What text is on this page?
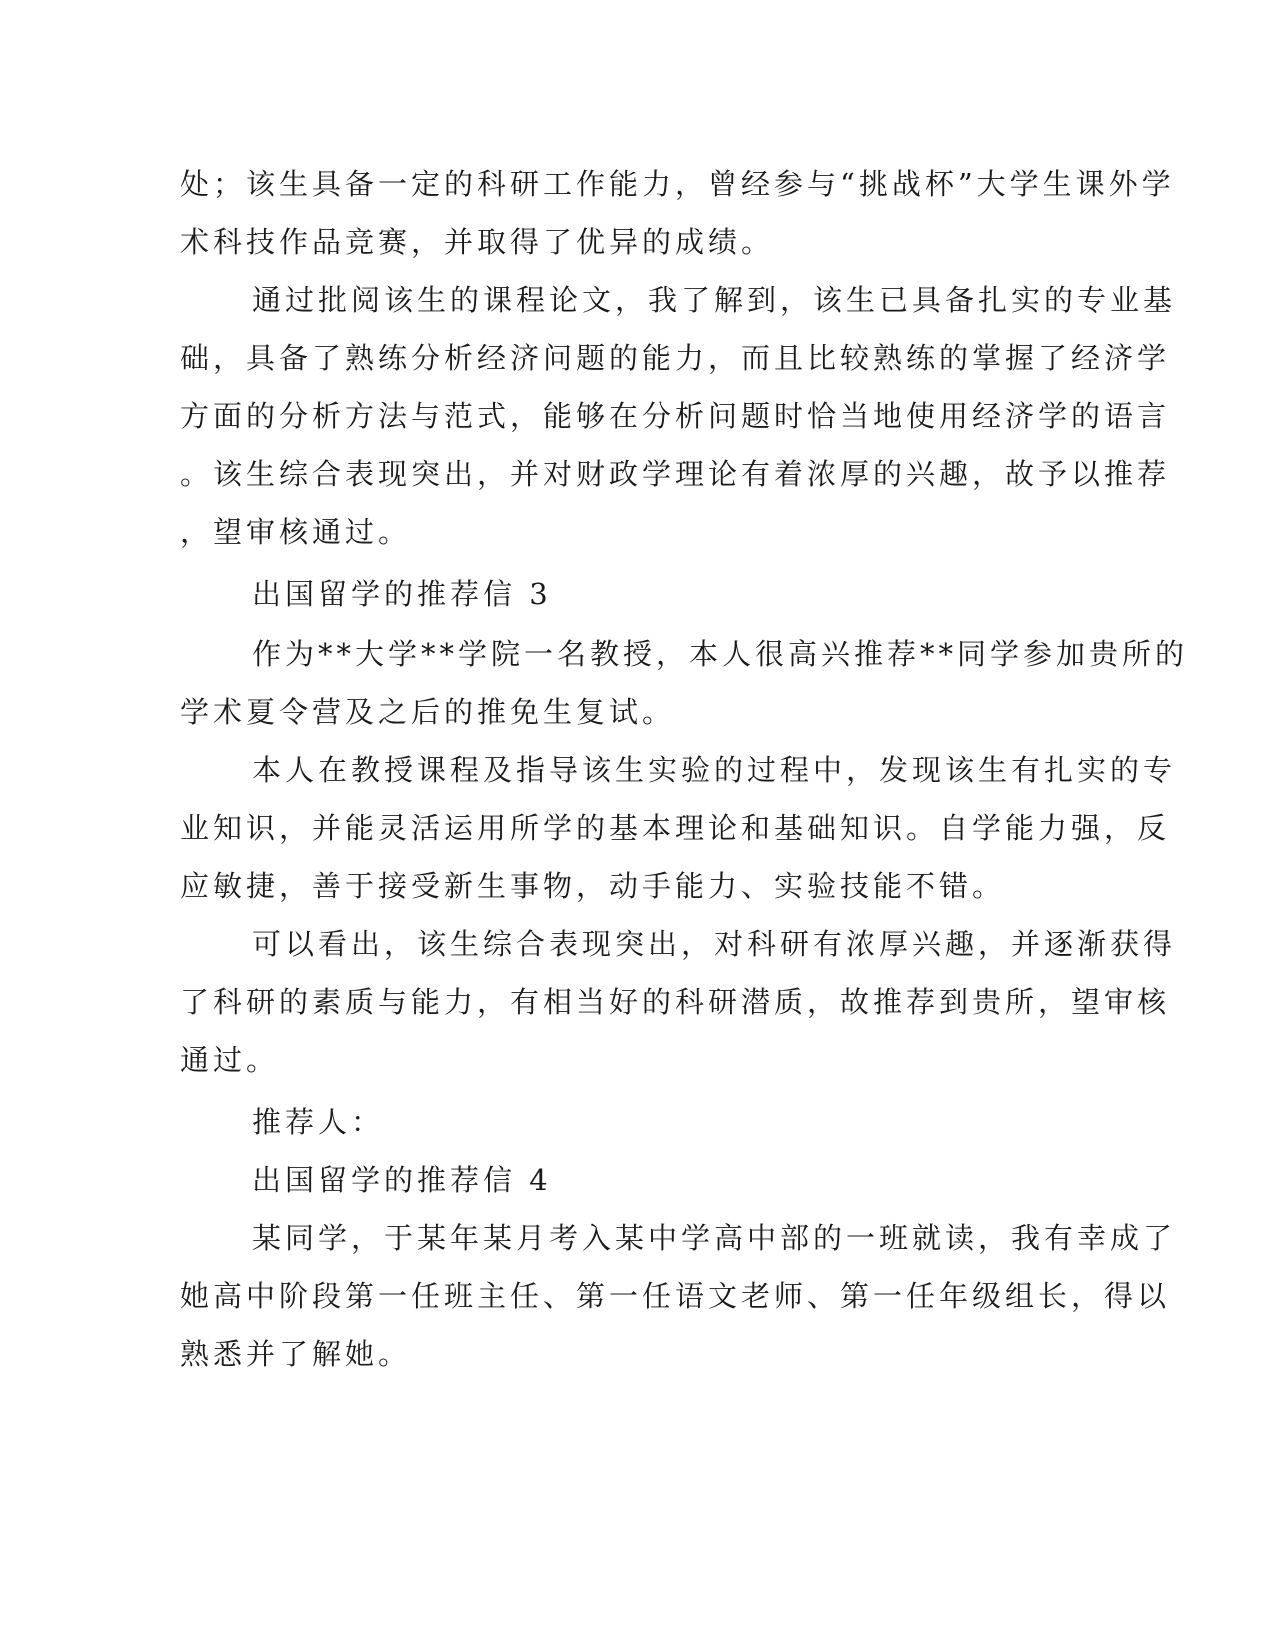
处；该生具备一定的科研工作能力，曾经参与“挑战杯”大学生课外学

术科技作品竞赛，并取得了优异的成绩。

通过批阅该生的课程论文，我了解到，该生已具备扎实的专业基

础，具备了熟练分析经济问题的能力，而且比较熟练的掌握了经济学

方面的分析方法与范式，能够在分析问题时恰当地使用经济学的语言

。该生综合表现突出，并对财政学理论有着浓厚的兴趣，故予以推荐

，望审核通过。

出国留学的推荐信 3

作为**大学**学院一名教授，本人很高兴推荐**同学参加贵所的

学术夏令营及之后的推免生复试。

本人在教授课程及指导该生实验的过程中，发现该生有扎实的专

业知识，并能灵活运用所学的基本理论和基础知识。自学能力强，反

应敏捷，善于接受新生事物，动手能力、实验技能不错。

可以看出，该生综合表现突出，对科研有浓厚兴趣，并逐渐获得

了科研的素质与能力，有相当好的科研潜质，故推荐到贵所，望审核

通过。

推荐人：

出国留学的推荐信 4

某同学，于某年某月考入某中学高中部的一班就读，我有幸成了

她高中阶段第一任班主任、第一任语文老师、第一任年级组长，得以

熟悉并了解她。
